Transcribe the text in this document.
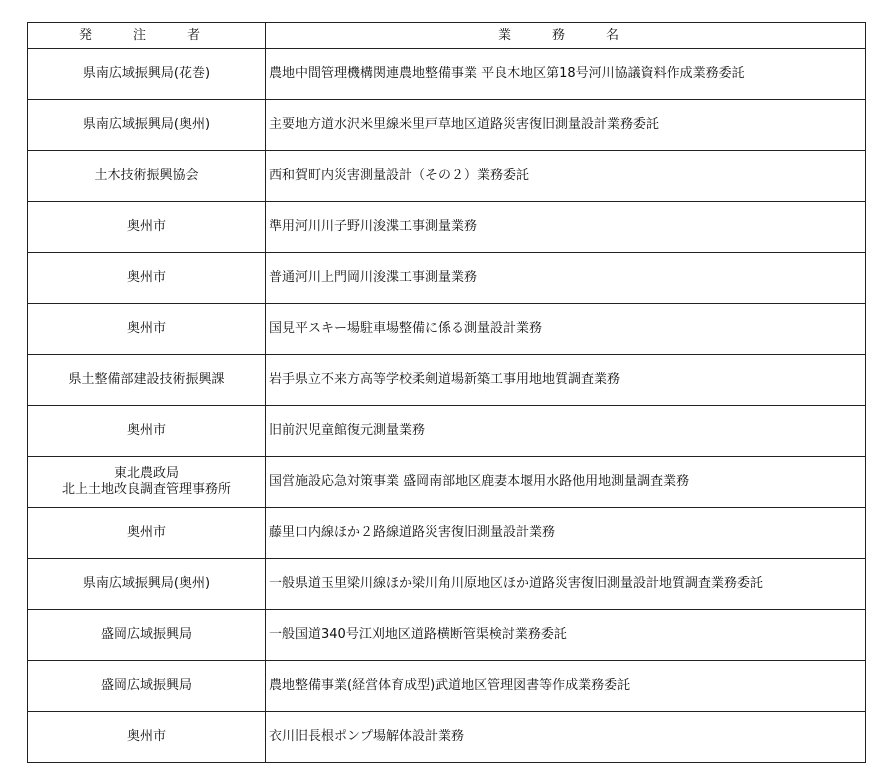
発　注　者	業　務　名

県南広域振興局(花巻)	農地中間管理機構関連農地整備事業 平良木地区第18号河川協議資料作成業務委託

県南広域振興局(奥州)	主要地方道水沢米里線米里戸草地区道路災害復旧測量設計業務委託

土木技術振興協会	西和賀町内災害測量設計（その２）業務委託

奥州市	準用河川川子野川浚渫工事測量業務

奥州市	普通河川上門岡川浚渫工事測量業務

奥州市	国見平スキー場駐車場整備に係る測量設計業務

県土整備部建設技術振興課	岩手県立不来方高等学校柔剣道場新築工事用地地質調査業務

奥州市	旧前沢児童館復元測量業務

東北農政局
北上土地改良調査管理事務所	国営施設応急対策事業 盛岡南部地区鹿妻本堰用水路他用地測量調査業務

奥州市	藤里口内線ほか２路線道路災害復旧測量設計業務

県南広域振興局(奥州)	一般県道玉里梁川線ほか梁川角川原地区ほか道路災害復旧測量設計地質調査業務委託

盛岡広域振興局	一般国道340号江刈地区道路横断管渠検討業務委託

盛岡広域振興局	農地整備事業(経営体育成型)武道地区管理図書等作成業務委託

奥州市	衣川旧長根ポンプ場解体設計業務
